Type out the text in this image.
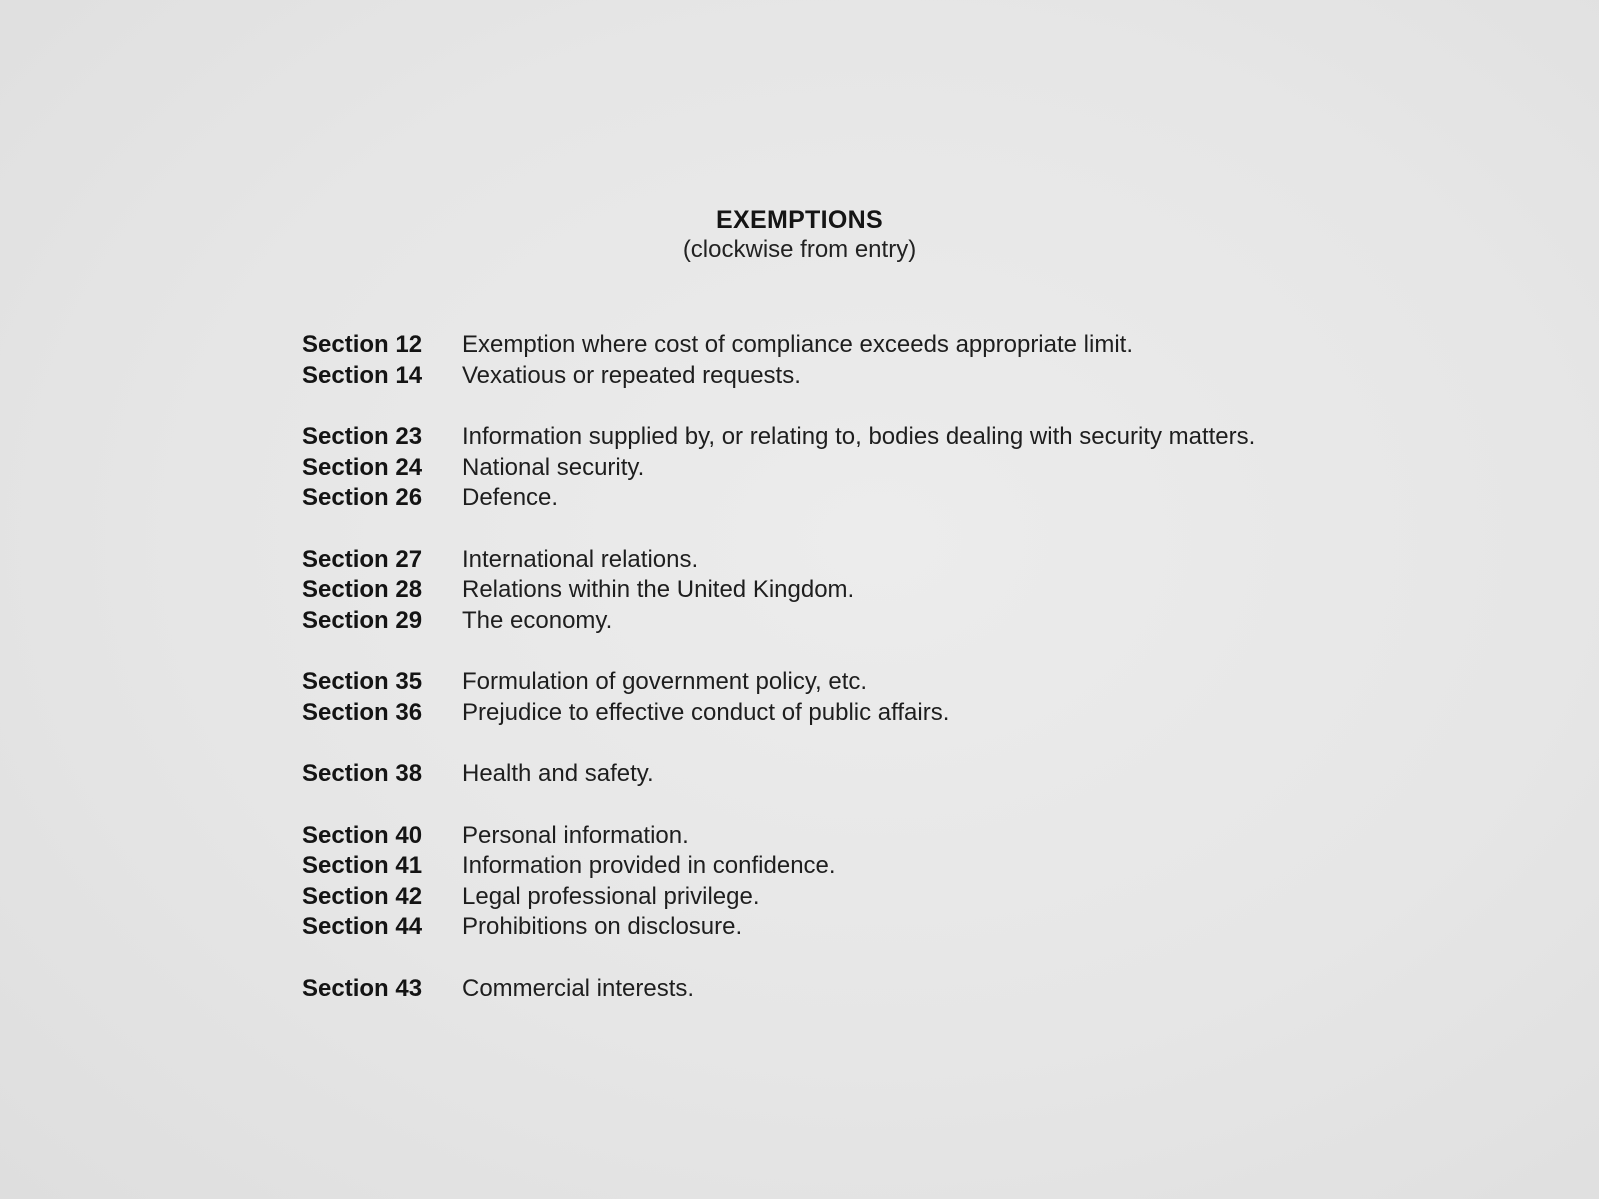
EXEMPTIONS
(clockwise from entry)
Section 12	Exemption where cost of compliance exceeds appropriate limit.
Section 14	Vexatious or repeated requests.
Section 23	Information supplied by, or relating to, bodies dealing with security matters.
Section 24	National security.
Section 26	Defence.
Section 27	International relations.
Section 28	Relations within the United Kingdom.
Section 29	The economy.
Section 35	Formulation of government policy, etc.
Section 36	Prejudice to effective conduct of public affairs.
Section 38	Health and safety.
Section 40	Personal information.
Section 41	Information provided in confidence.
Section 42	Legal professional privilege.
Section 44	Prohibitions on disclosure.
Section 43	Commercial interests.
